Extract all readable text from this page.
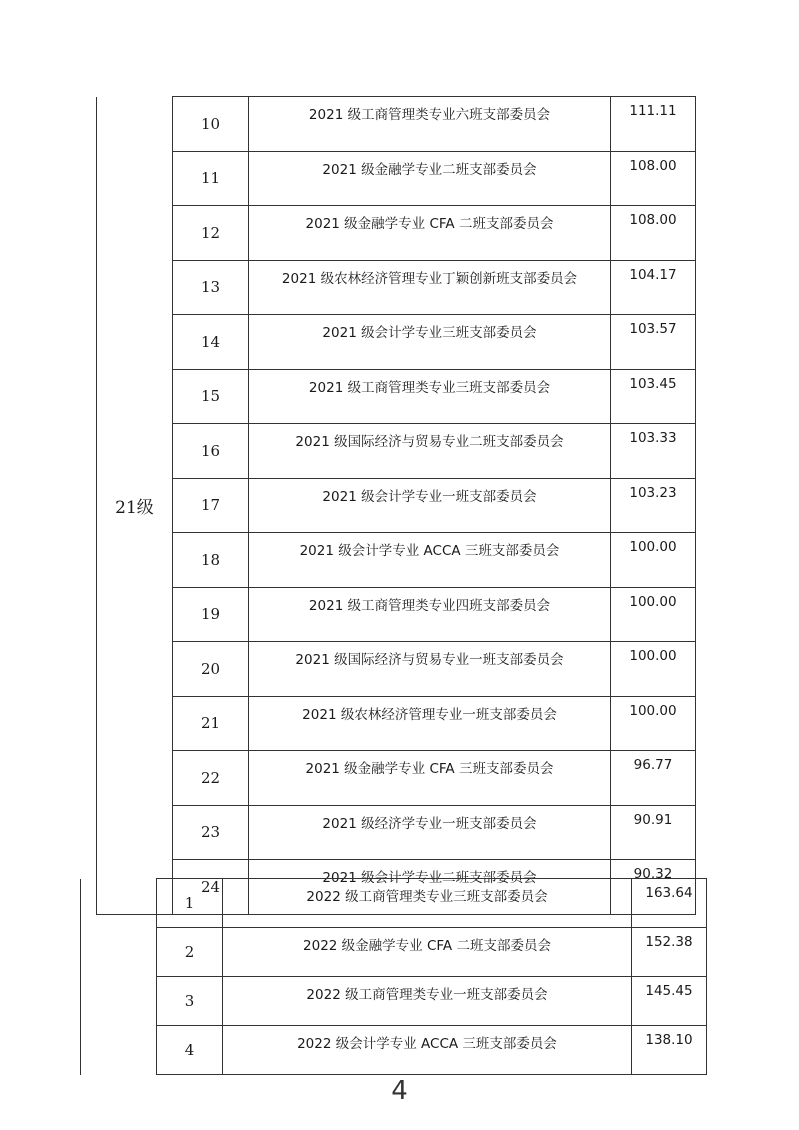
21级	10	2021 级工商管理类专业六班支部委员会	111.11
	11	2021 级金融学专业二班支部委员会	108.00
	12	2021 级金融学专业 CFA 二班支部委员会	108.00
	13	2021 级农林经济管理专业丁颖创新班支部委员会	104.17
	14	2021 级会计学专业三班支部委员会	103.57
	15	2021 级工商管理类专业三班支部委员会	103.45
	16	2021 级国际经济与贸易专业二班支部委员会	103.33
	17	2021 级会计学专业一班支部委员会	103.23
	18	2021 级会计学专业 ACCA 三班支部委员会	100.00
	19	2021 级工商管理类专业四班支部委员会	100.00
	20	2021 级国际经济与贸易专业一班支部委员会	100.00
	21	2021 级农林经济管理专业一班支部委员会	100.00
	22	2021 级金融学专业 CFA 三班支部委员会	96.77
	23	2021 级经济学专业一班支部委员会	90.91
	24	2021 级会计学专业二班支部委员会	90.32
	1	2022 级工商管理类专业三班支部委员会	163.64
	2	2022 级金融学专业 CFA 二班支部委员会	152.38
	3	2022 级工商管理类专业一班支部委员会	145.45
	4	2022 级会计学专业 ACCA 三班支部委员会	138.10
4
